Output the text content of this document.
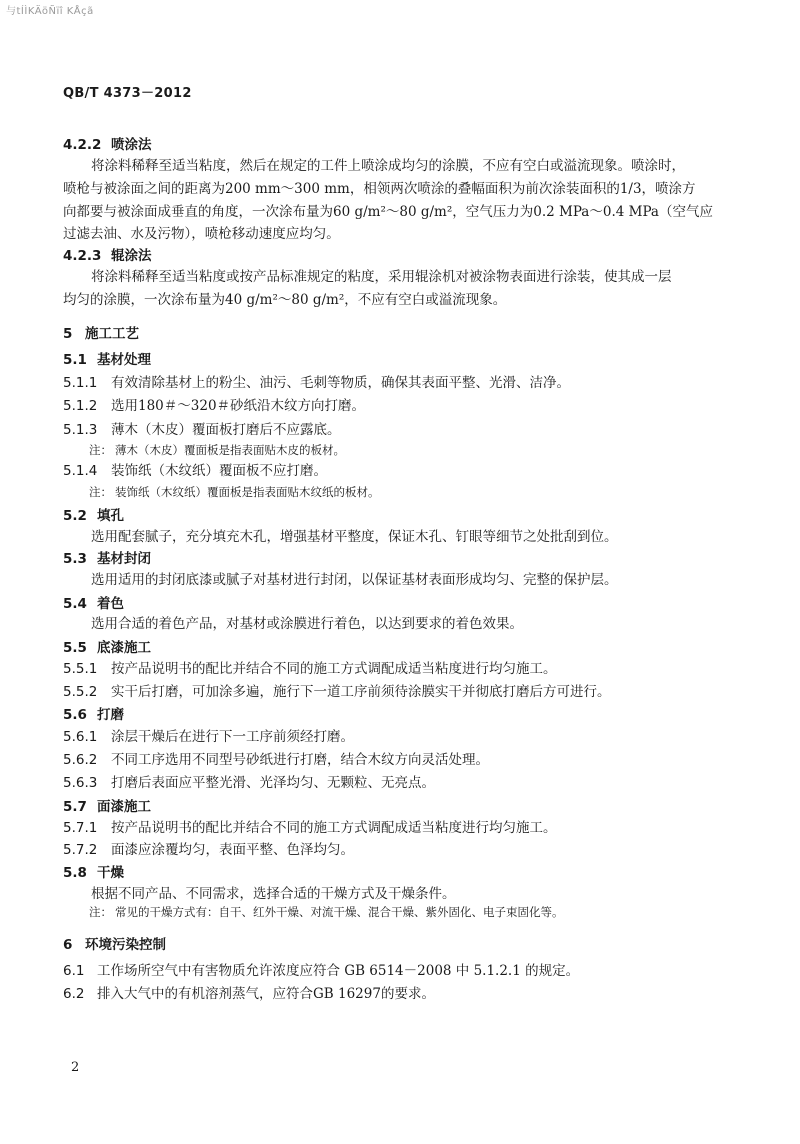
与tÍÌKÄöÑïî KÅçã
QB/T 4373－2012
4.2.2 喷涂法
将涂料稀释至适当粘度，然后在规定的工件上喷涂成均匀的涂膜，不应有空白或溢流现象。喷涂时，
喷枪与被涂面之间的距离为200 mm～300 mm，相领两次喷涂的叠幅面积为前次涂装面积的1/3，喷涂方
向都要与被涂面成垂直的角度，一次涂布量为60 g/m²～80 g/m²，空气压力为0.2 MPa～0.4 MPa（空气应
过滤去油、水及污物），喷枪移动速度应均匀。
4.2.3 辊涂法
将涂料稀释至适当粘度或按产品标准规定的粘度，采用辊涂机对被涂物表面进行涂装，使其成一层
均匀的涂膜，一次涂布量为40 g/m²～80 g/m²，不应有空白或溢流现象。
5 施工工艺
5.1 基材处理
5.1.1 有效清除基材上的粉尘、油污、毛刺等物质，确保其表面平整、光滑、洁净。
5.1.2 选用180＃～320＃砂纸沿木纹方向打磨。
5.1.3 薄木（木皮）覆面板打磨后不应露底。
注： 薄木（木皮）覆面板是指表面贴木皮的板材。
5.1.4 装饰纸（木纹纸）覆面板不应打磨。
注： 装饰纸（木纹纸）覆面板是指表面贴木纹纸的板材。
5.2 填孔
选用配套腻子，充分填充木孔，增强基材平整度，保证木孔、钉眼等细节之处批刮到位。
5.3 基材封闭
选用适用的封闭底漆或腻子对基材进行封闭，以保证基材表面形成均匀、完整的保护层。
5.4 着色
选用合适的着色产品，对基材或涂膜进行着色，以达到要求的着色效果。
5.5 底漆施工
5.5.1 按产品说明书的配比并结合不同的施工方式调配成适当粘度进行均匀施工。
5.5.2 实干后打磨，可加涂多遍，施行下一道工序前须待涂膜实干并彻底打磨后方可进行。
5.6 打磨
5.6.1 涂层干燥后在进行下一工序前须经打磨。
5.6.2 不同工序选用不同型号砂纸进行打磨，结合木纹方向灵活处理。
5.6.3 打磨后表面应平整光滑、光泽均匀、无颗粒、无亮点。
5.7 面漆施工
5.7.1 按产品说明书的配比并结合不同的施工方式调配成适当粘度进行均匀施工。
5.7.2 面漆应涂覆均匀，表面平整、色泽均匀。
5.8 干燥
根据不同产品、不同需求，选择合适的干燥方式及干燥条件。
注： 常见的干燥方式有：自干、红外干燥、对流干燥、混合干燥、紫外固化、电子束固化等。
6 环境污染控制
6.1 工作场所空气中有害物质允许浓度应符合 GB 6514－2008 中 5.1.2.1 的规定。
6.2 排入大气中的有机溶剂蒸气，应符合GB 16297的要求。
2
